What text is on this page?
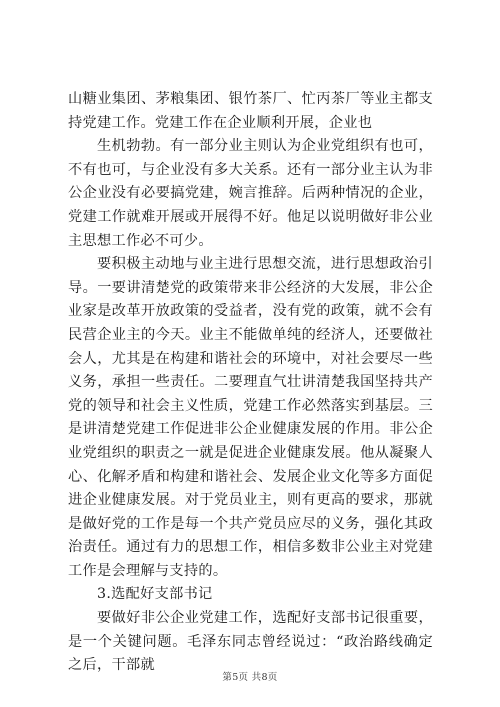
山糖业集团、茅粮集团、银竹茶厂、忙丙茶厂等业主都支持党建工作。党建工作在企业顺利开展，企业也

生机勃勃。有一部分业主则认为企业党组织有也可，不有也可，与企业没有多大关系。还有一部分业主认为非公企业没有必要搞党建，婉言推辞。后两种情况的企业，党建工作就难开展或开展得不好。他足以说明做好非公业主思想工作必不可少。

要积极主动地与业主进行思想交流，进行思想政治引导。一要讲清楚党的政策带来非公经济的大发展，非公企业家是改革开放政策的受益者，没有党的政策，就不会有民营企业主的今天。业主不能做单纯的经济人，还要做社会人，尤其是在构建和谐社会的环境中，对社会要尽一些义务，承担一些责任。二要理直气壮讲清楚我国坚持共产党的领导和社会主义性质，党建工作必然落实到基层。三是讲清楚党建工作促进非公企业健康发展的作用。非公企业党组织的职责之一就是促进企业健康发展。他从凝聚人心、化解矛盾和构建和谐社会、发展企业文化等多方面促进企业健康发展。对于党员业主，则有更高的要求，那就是做好党的工作是每一个共产党员应尽的义务，强化其政治责任。通过有力的思想工作，相信多数非公业主对党建工作是会理解与支持的。

3.选配好支部书记

要做好非公企业党建工作，选配好支部书记很重要，是一个关键问题。毛泽东同志曾经说过：“政治路线确定之后，干部就

第5页 共8页
